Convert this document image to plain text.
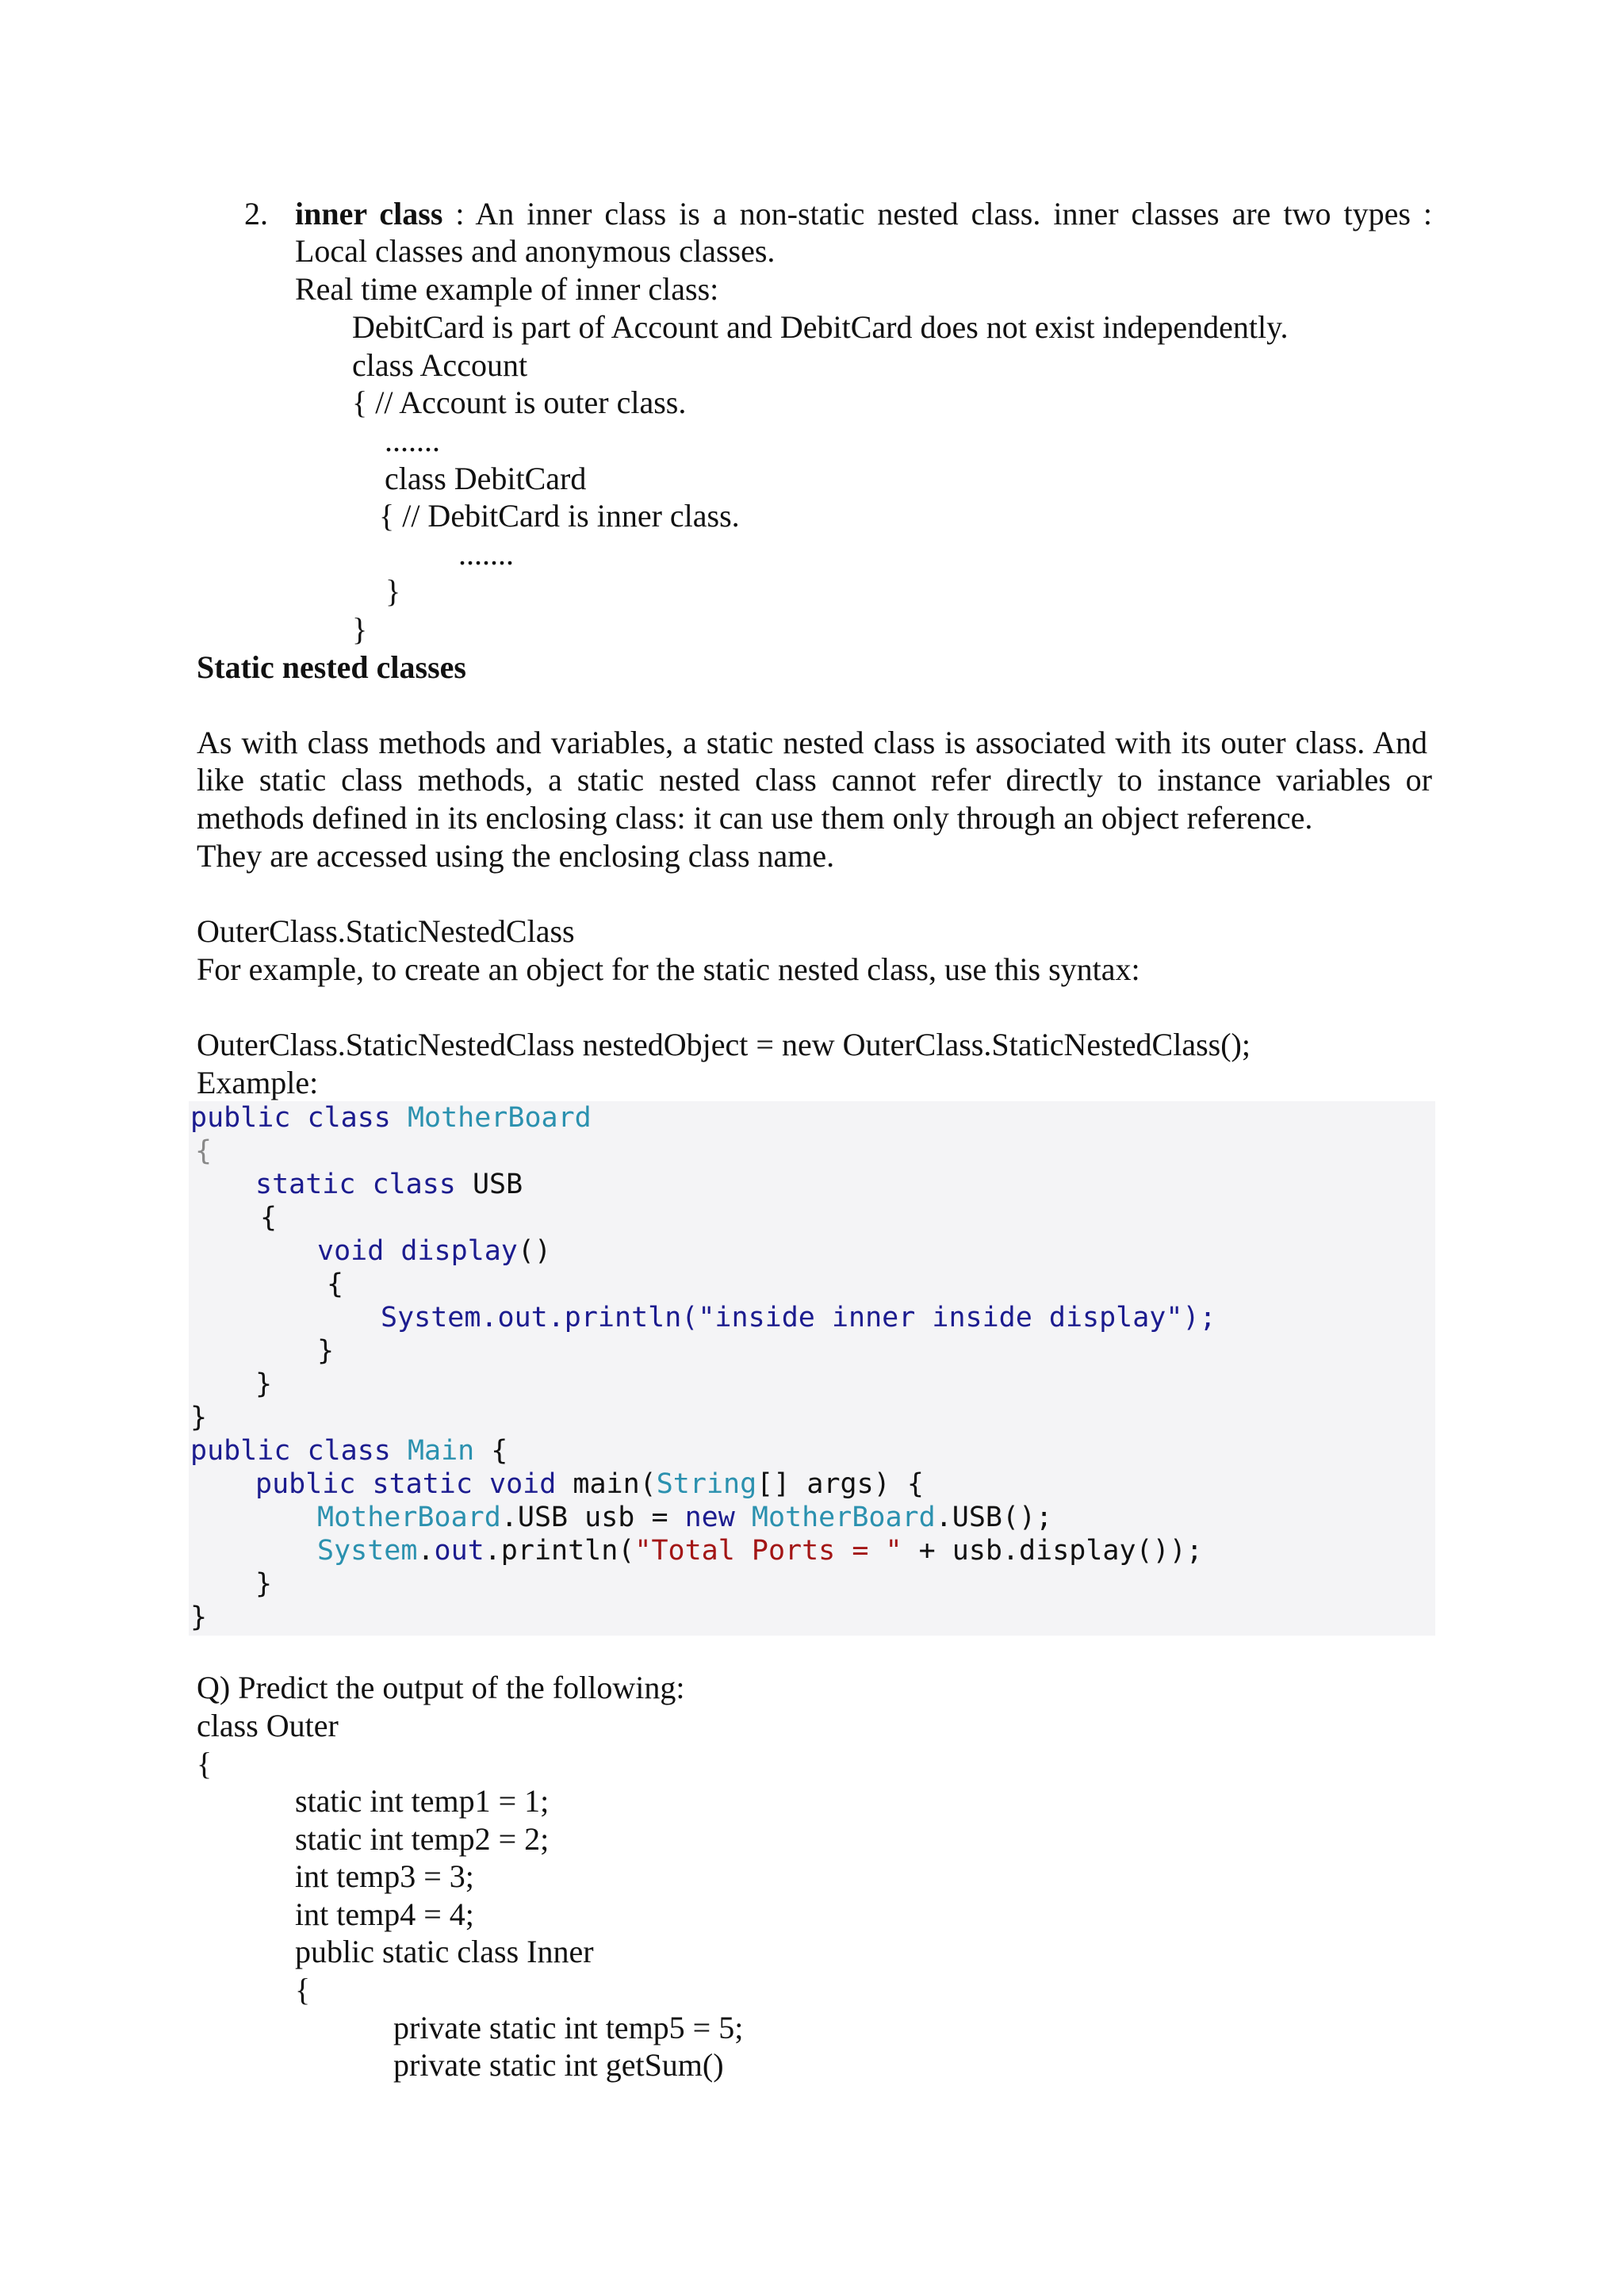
2. inner class : An inner class is a non-static nested class. inner classes are two types :
Local classes and anonymous classes.
Real time example of inner class:
DebitCard is part of Account and DebitCard does not exist independently.
class Account
{ // Account is outer class.
.......
class DebitCard
{ // DebitCard is inner class.
.......
}
}
Static nested classes
As with class methods and variables, a static nested class is associated with its outer class. And
like static class methods, a static nested class cannot refer directly to instance variables or
methods defined in its enclosing class: it can use them only through an object reference.
They are accessed using the enclosing class name.
OuterClass.StaticNestedClass
For example, to create an object for the static nested class, use this syntax:
OuterClass.StaticNestedClass nestedObject = new OuterClass.StaticNestedClass();
Example:
public class MotherBoard
{
static class USB
{
void display()
{
System.out.println("inside inner inside display");
}
}
}
public class Main {
public static void main(String[] args) {
MotherBoard.USB usb = new MotherBoard.USB();
System.out.println("Total Ports = " + usb.display());
}
}
Q) Predict the output of the following:
class Outer
{
static int temp1 = 1;
static int temp2 = 2;
int temp3 = 3;
int temp4 = 4;
public static class Inner
{
private static int temp5 = 5;
private static int getSum()
